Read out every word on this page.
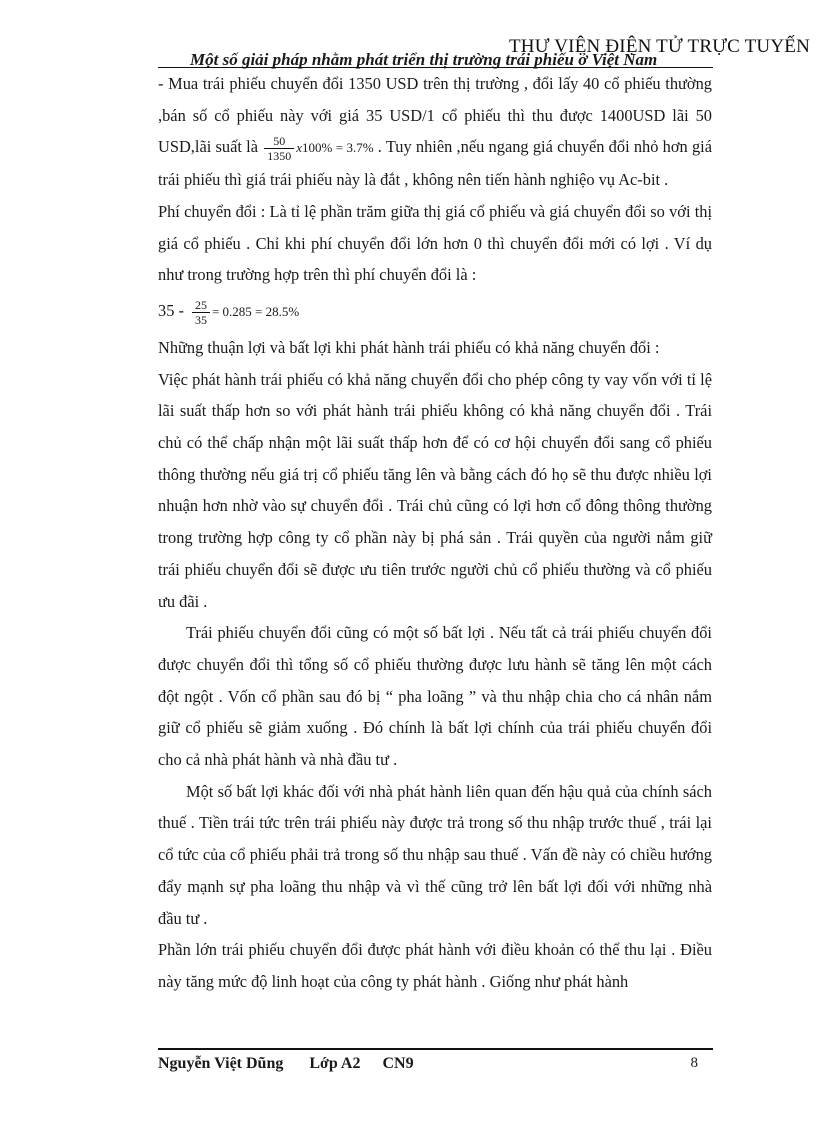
THƯ VIỆN ĐIỆN TỬ TRỰC TUYẾN
Một số giải pháp nhằm phát triển thị trường trái phiếu ở Việt Nam

- Mua trái phiếu chuyển đổi 1350 USD trên thị trường , đổi lấy 40 cổ phiếu thường ,bán số cổ phiếu này với giá 35 USD/1 cổ phiếu thì thu được 1400USD lãi 50 USD,lãi suất là $\frac{50}{1350} x100\% = 3.7\%$ . Tuy nhiên ,nếu ngang giá chuyển đổi nhỏ hơn giá trái phiếu thì giá trái phiếu này là đắt , không nên tiến hành nghiệo vụ Ac-bit .

Phí chuyển đổi : Là tỉ lệ phần trăm giữa thị giá cổ phiếu và giá chuyển đổi so với thị giá cổ phiếu . Chỉ khi phí chuyển đổi lớn hơn 0 thì chuyển đổi mới có lợi . Ví dụ như trong trường hợp trên thì phí chuyển đổi là :

$35 - \frac{25}{35} = 0.285 = 28.5\%$

Những thuận lợi và bất lợi khi phát hành trái phiếu có khả năng chuyển đổi :

Việc phát hành trái phiếu có khả năng chuyển đổi cho phép công ty vay vốn với tỉ lệ lãi suất thấp hơn so với phát hành trái phiếu không có khả năng chuyển đổi . Trái chủ có thể chấp nhận một lãi suất thấp hơn để có cơ hội chuyển đổi sang cổ phiếu thông thường nếu giá trị cổ phiếu tăng lên và bằng cách đó họ sẽ thu được nhiều lợi nhuận hơn nhờ vào sự chuyển đổi . Trái chủ cũng có lợi hơn cổ đông thông thường trong trường hợp công ty cổ phần này bị phá sản . Trái quyền của người nắm giữ trái phiếu chuyển đổi sẽ được ưu tiên trước người chủ cổ phiếu thường và cổ phiếu ưu đãi .

Trái phiếu chuyển đổi cũng có một số bất lợi . Nếu tất cả trái phiếu chuyển đổi được chuyển đổi thì tổng số cổ phiếu thường được lưu hành sẽ tăng lên một cách đột ngột . Vốn cổ phần sau đó bị “ pha loãng ” và thu nhập chia cho cá nhân nắm giữ cổ phiếu sẽ giảm xuống . Đó chính là bất lợi chính của trái phiếu chuyển đổi cho cả nhà phát hành và nhà đầu tư .

Một số bất lợi khác đối với nhà phát hành liên quan đến hậu quả của chính sách thuế . Tiền trái tức trên trái phiếu này được trả trong số thu nhập trước thuế , trái lại cổ tức của cổ phiếu phải trả trong số thu nhập sau thuế . Vấn đề này có chiều hướng đẩy mạnh sự pha loãng thu nhập và vì thế cũng trở lên bất lợi đối với những nhà đầu tư .

Phần lớn trái phiếu chuyển đổi được phát hành với điều khoản có thể thu lại . Điều này tăng mức độ linh hoạt của công ty phát hành . Giống như phát hành

Nguyễn Việt Dũng Lớp A2 CN9	8
